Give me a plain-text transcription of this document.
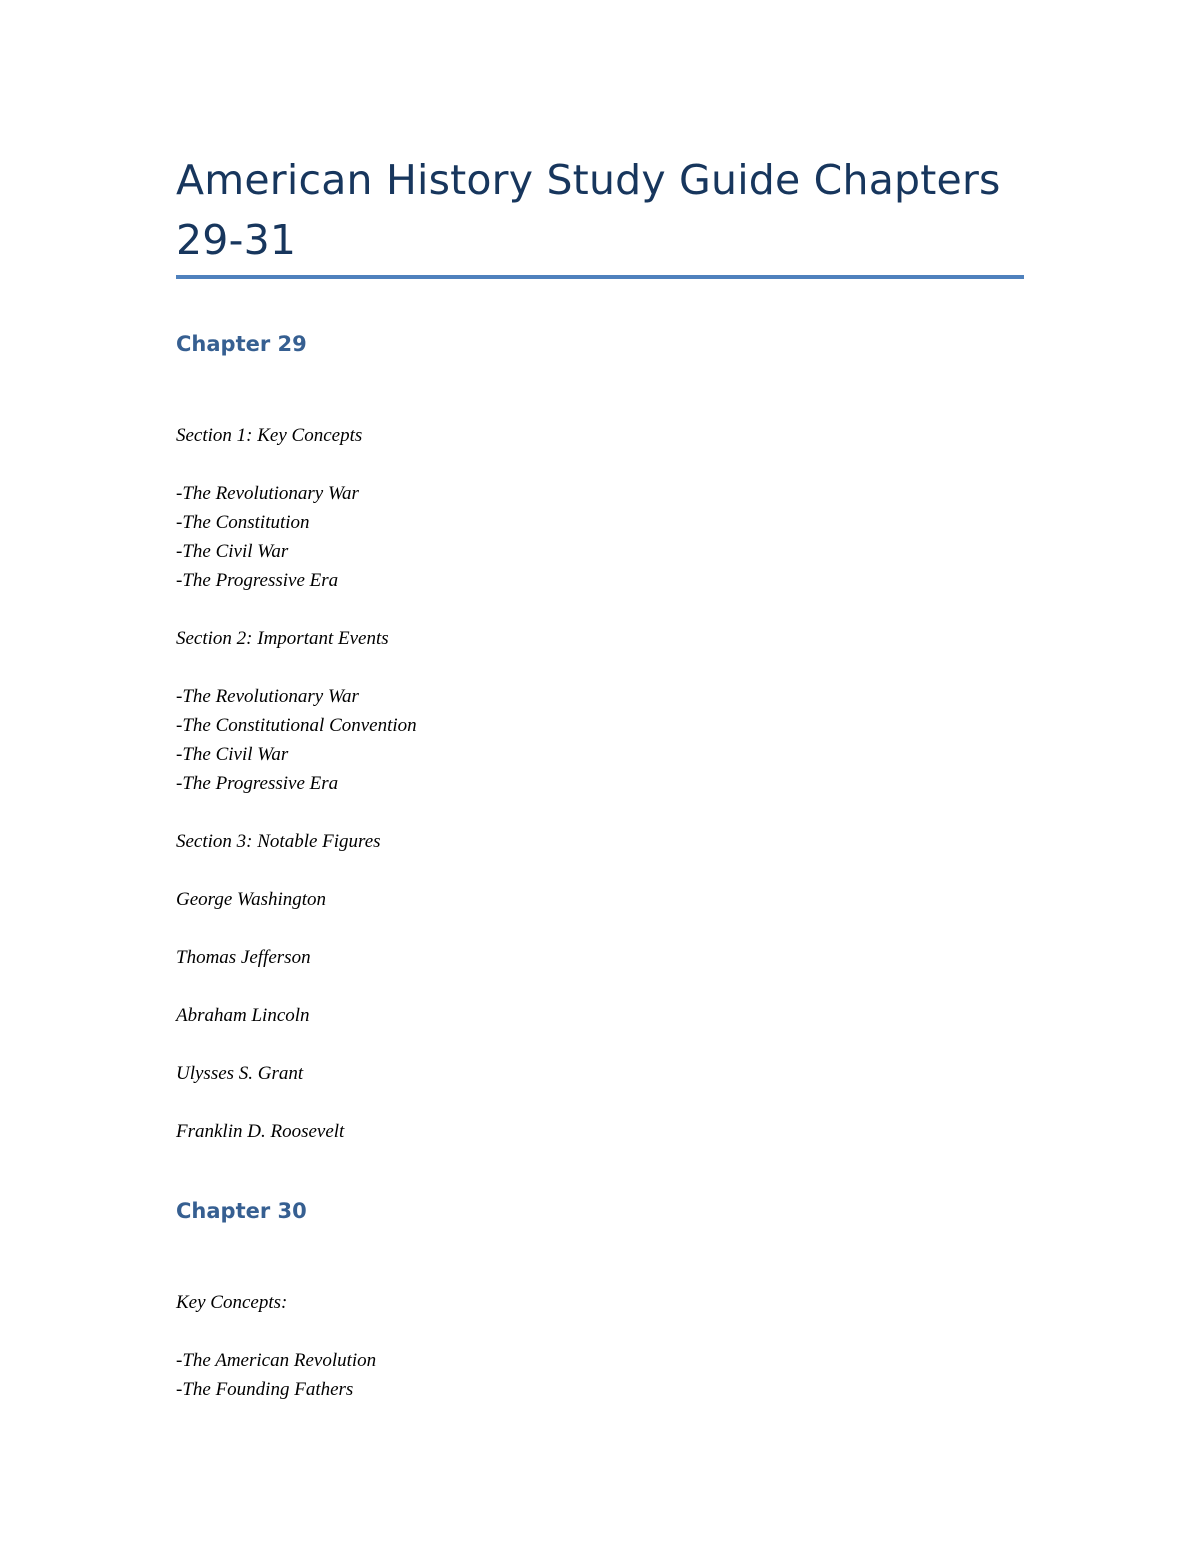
American History Study Guide Chapters
29-31
Chapter 29

Section 1: Key Concepts

-The Revolutionary War

-The Constitution

-The Civil War

-The Progressive Era

Section 2: Important Events

-The Revolutionary War

-The Constitutional Convention

-The Civil War

-The Progressive Era

Section 3: Notable Figures

George Washington

Thomas Jefferson

Abraham Lincoln

Ulysses S. Grant

Franklin D. Roosevelt

Chapter 30

Key Concepts:

-The American Revolution

-The Founding Fathers
